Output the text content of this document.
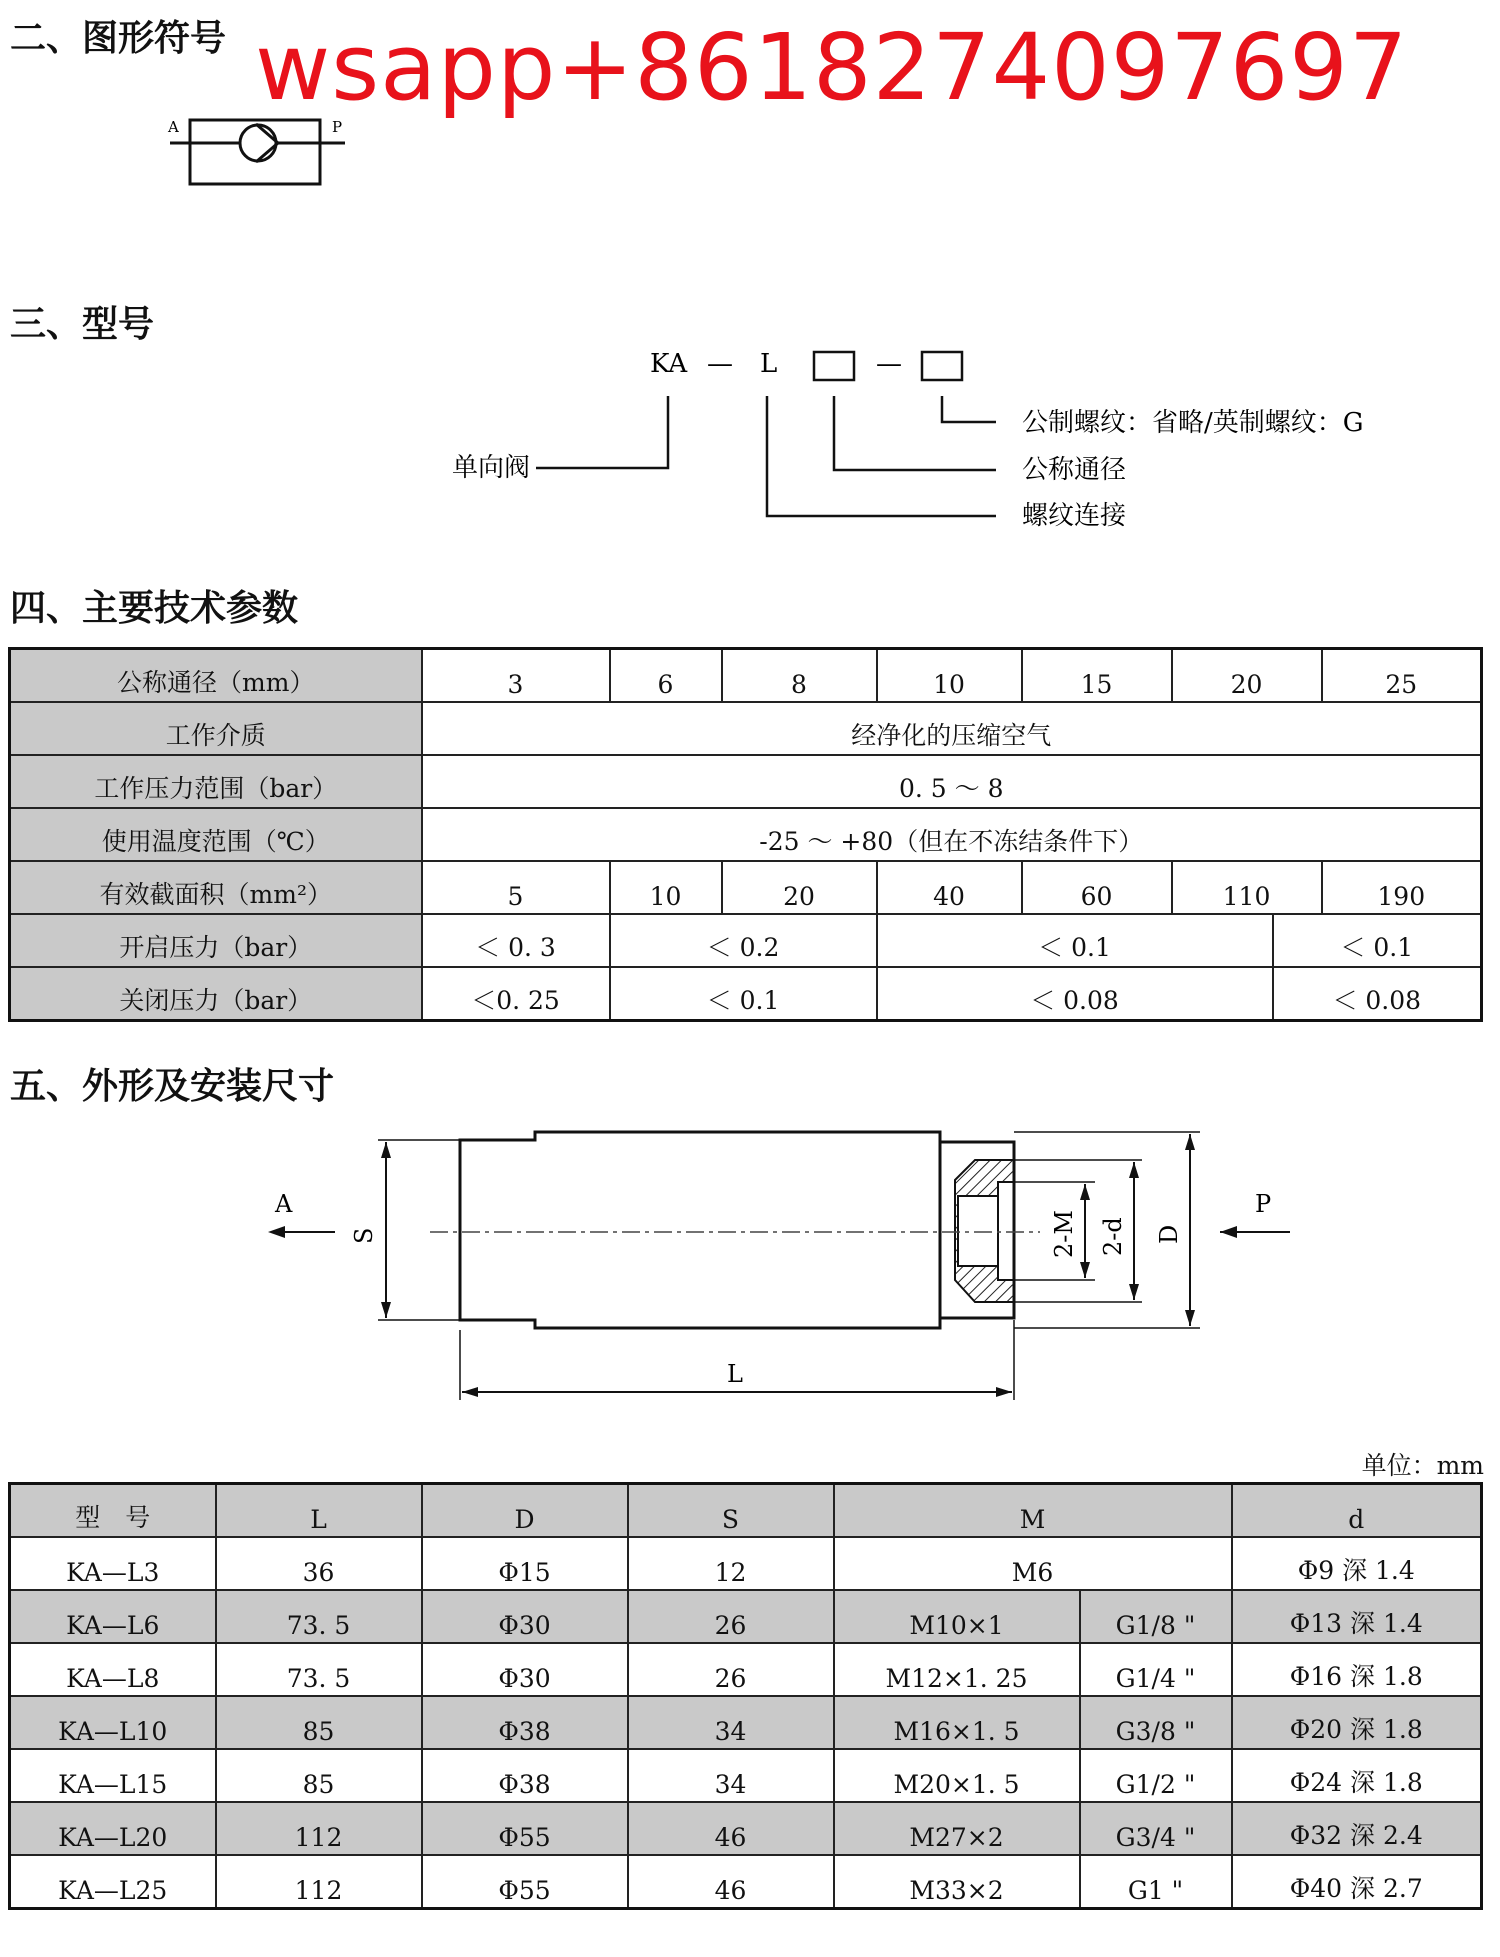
二、图形符号 wsapp+8618274097697
A	P
三、型号
KA — L	—
单向阀
公制螺纹：省略/英制螺纹：G
公称通径
螺纹连接
四、主要技术参数
公称通径（mm）	3	6	8	10	15	20		25
工作介质	经净化的压缩空气							
工作压力范围（bar）	0. 5 ～ 8							
使用温度范围（℃）	-25 ～ +80（但在不冻结条件下）							
有效截面积（mm²）	5	10	20	40	60	110		190
开启压力（bar）	＜ 0. 3	＜ 0.2		＜ 0.1			＜ 0.1	
关闭压力（bar）	＜0. 25	＜ 0.1		＜ 0.08			＜ 0.08	
五、外形及安装尺寸
A	P
S
L
D
2-M 2-d
单位：mm
型　号	L	D	S	M		d
KA—L3	36	Φ15	12	M6		Φ9 深 1.4
KA—L6	73. 5	Φ30	26	M10×1	G1/8 "	Φ13 深 1.4
KA—L8	73. 5	Φ30	26	M12×1. 25	G1/4 "	Φ16 深 1.8
KA—L10	85	Φ38	34	M16×1. 5	G3/8 "	Φ20 深 1.8
KA—L15	85	Φ38	34	M20×1. 5	G1/2 "	Φ24 深 1.8
KA—L20	112	Φ55	46	M27×2	G3/4 "	Φ32 深 2.4
KA—L25	112	Φ55	46	M33×2	G1 "	Φ40 深 2.7
